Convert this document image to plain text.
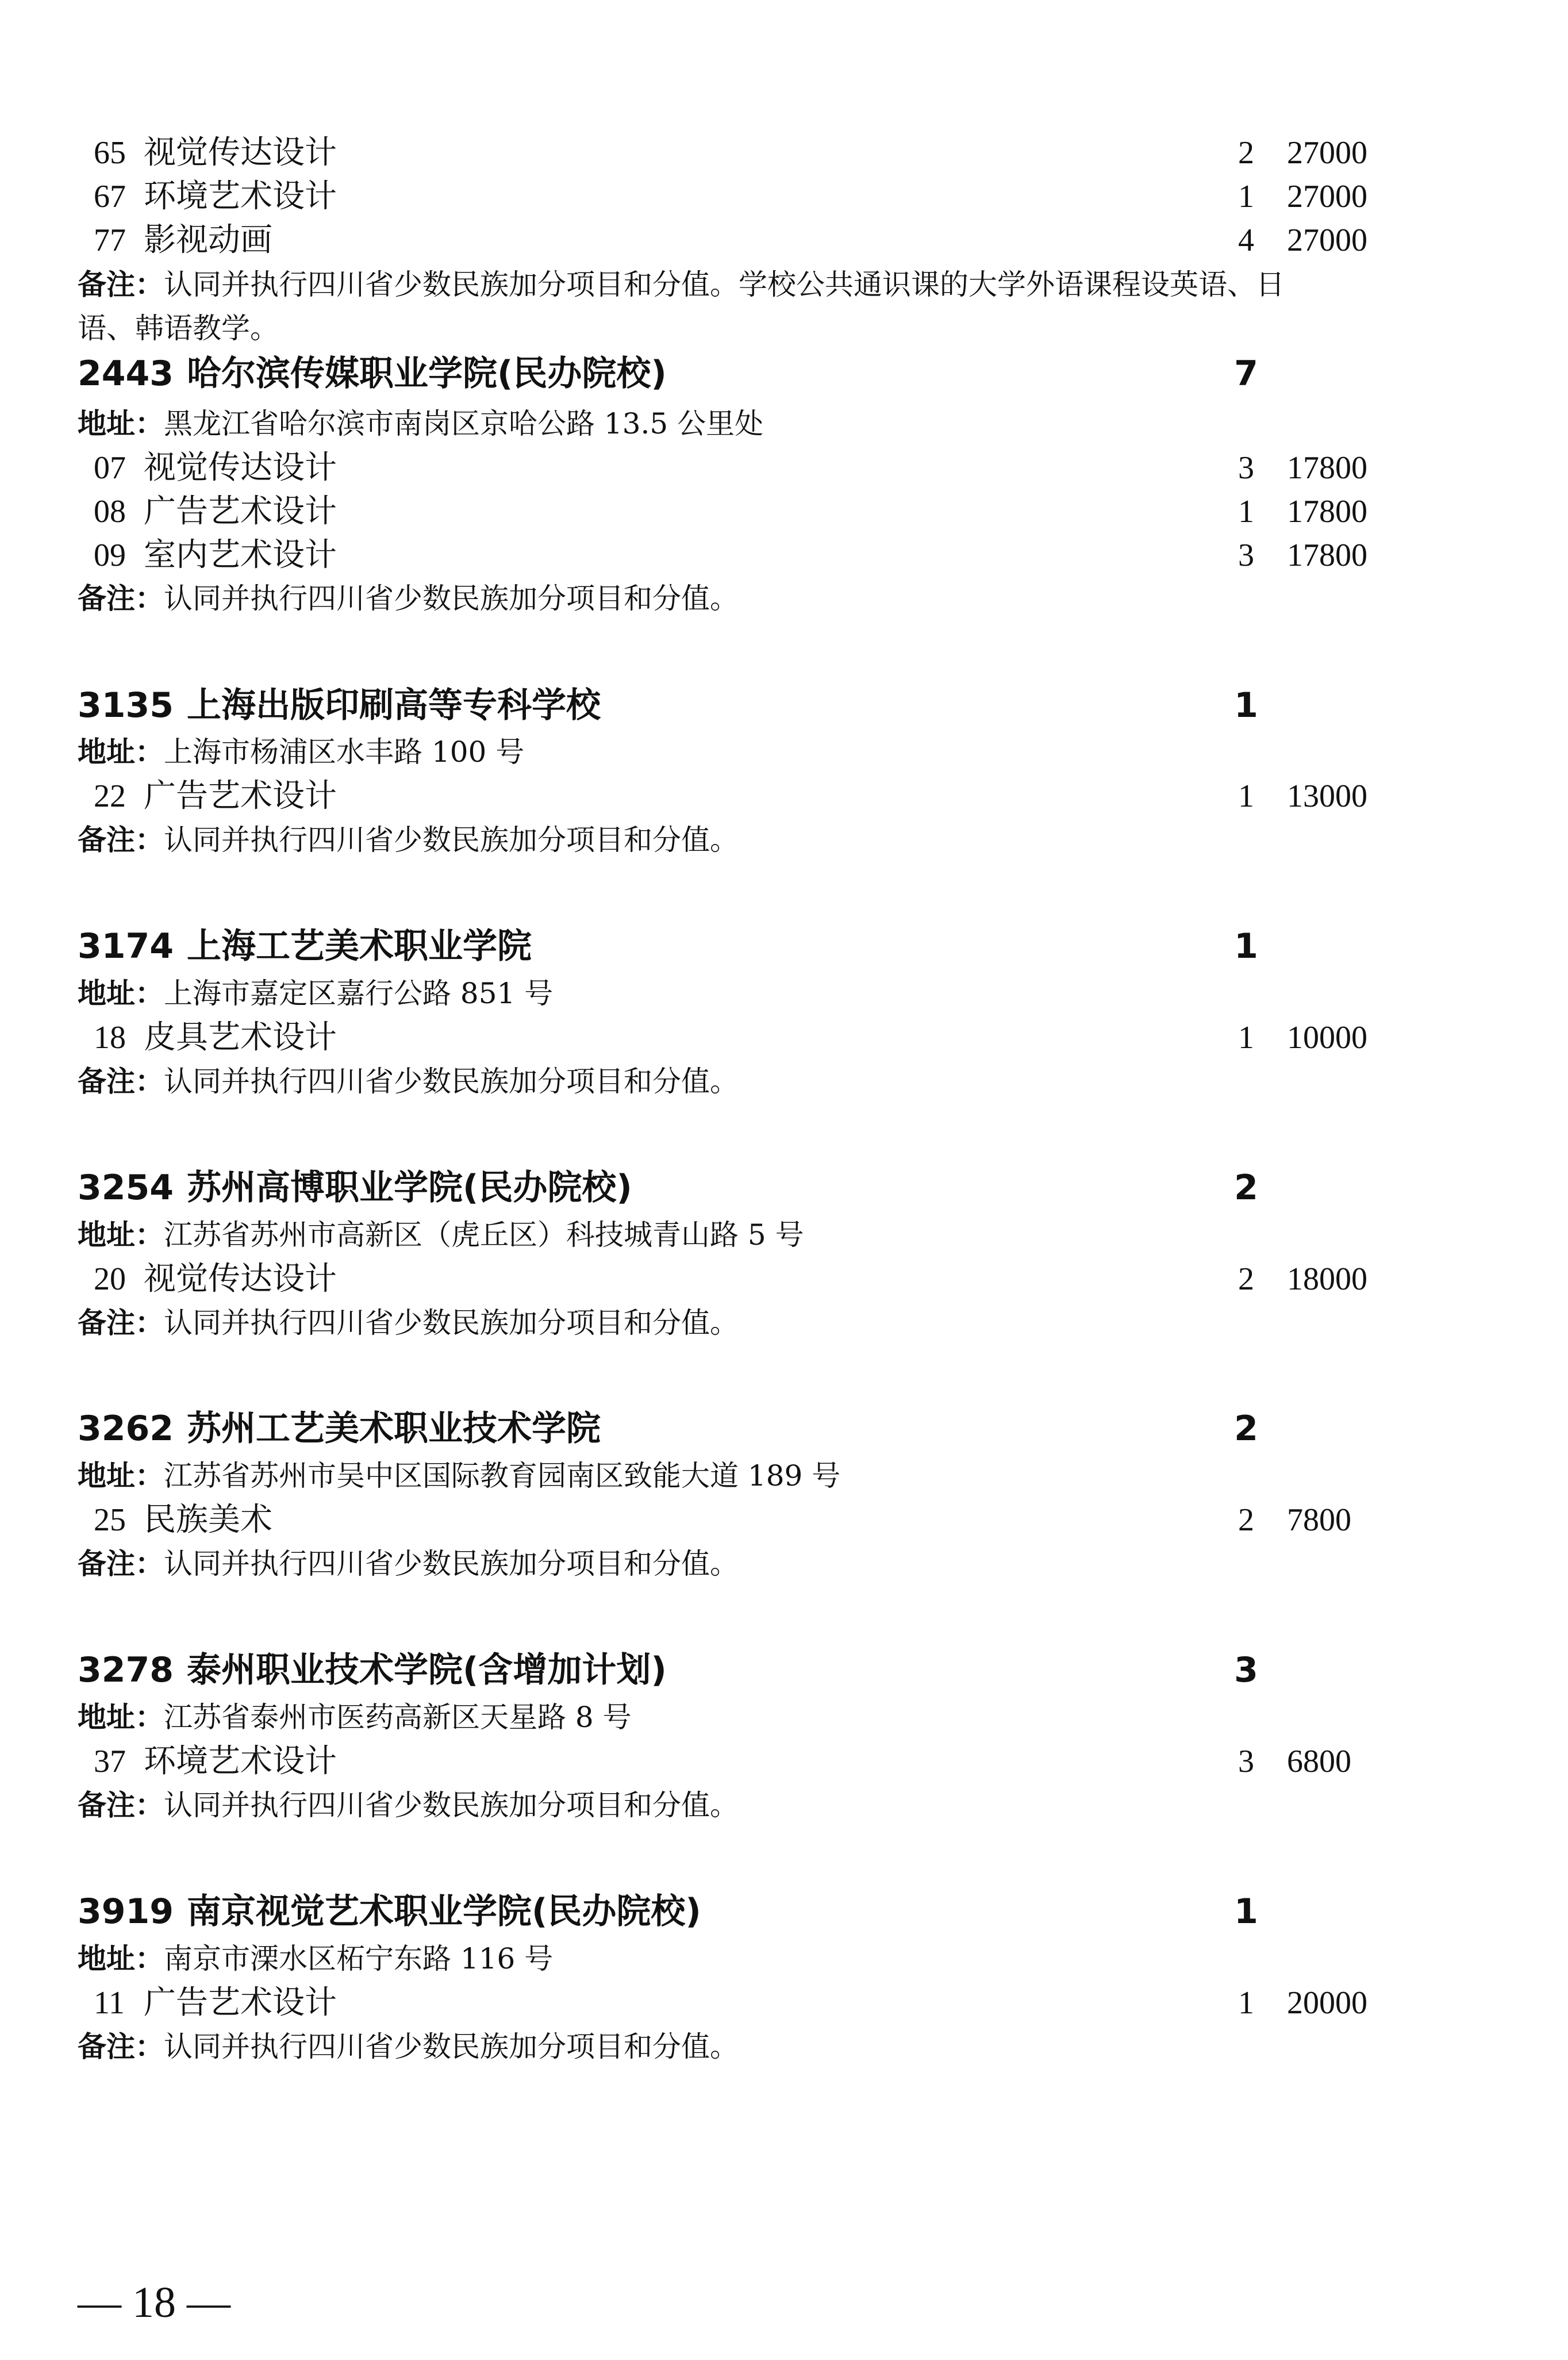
65 视觉传达设计	2 27000
67 环境艺术设计	1 27000
77 影视动画	4 27000
备注：认同并执行四川省少数民族加分项目和分值。学校公共通识课的大学外语课程设英语、日
语、韩语教学。
2443 哈尔滨传媒职业学院(民办院校)	7
地址：黑龙江省哈尔滨市南岗区京哈公路 13.5 公里处
07 视觉传达设计	3 17800
08 广告艺术设计	1 17800
09 室内艺术设计	3 17800
备注：认同并执行四川省少数民族加分项目和分值。
3135 上海出版印刷高等专科学校	1
地址：上海市杨浦区水丰路 100 号
22 广告艺术设计	1 13000
备注：认同并执行四川省少数民族加分项目和分值。
3174 上海工艺美术职业学院	1
地址：上海市嘉定区嘉行公路 851 号
18 皮具艺术设计	1 10000
备注：认同并执行四川省少数民族加分项目和分值。
3254 苏州高博职业学院(民办院校)	2
地址：江苏省苏州市高新区（虎丘区）科技城青山路 5 号
20 视觉传达设计	2 18000
备注：认同并执行四川省少数民族加分项目和分值。
3262 苏州工艺美术职业技术学院	2
地址：江苏省苏州市吴中区国际教育园南区致能大道 189 号
25 民族美术	2 7800
备注：认同并执行四川省少数民族加分项目和分值。
3278 泰州职业技术学院(含增加计划)	3
地址：江苏省泰州市医药高新区天星路 8 号
37 环境艺术设计	3 6800
备注：认同并执行四川省少数民族加分项目和分值。
3919 南京视觉艺术职业学院(民办院校)	1
地址：南京市溧水区柘宁东路 116 号
11 广告艺术设计	1 20000
备注：认同并执行四川省少数民族加分项目和分值。
— 18 —
